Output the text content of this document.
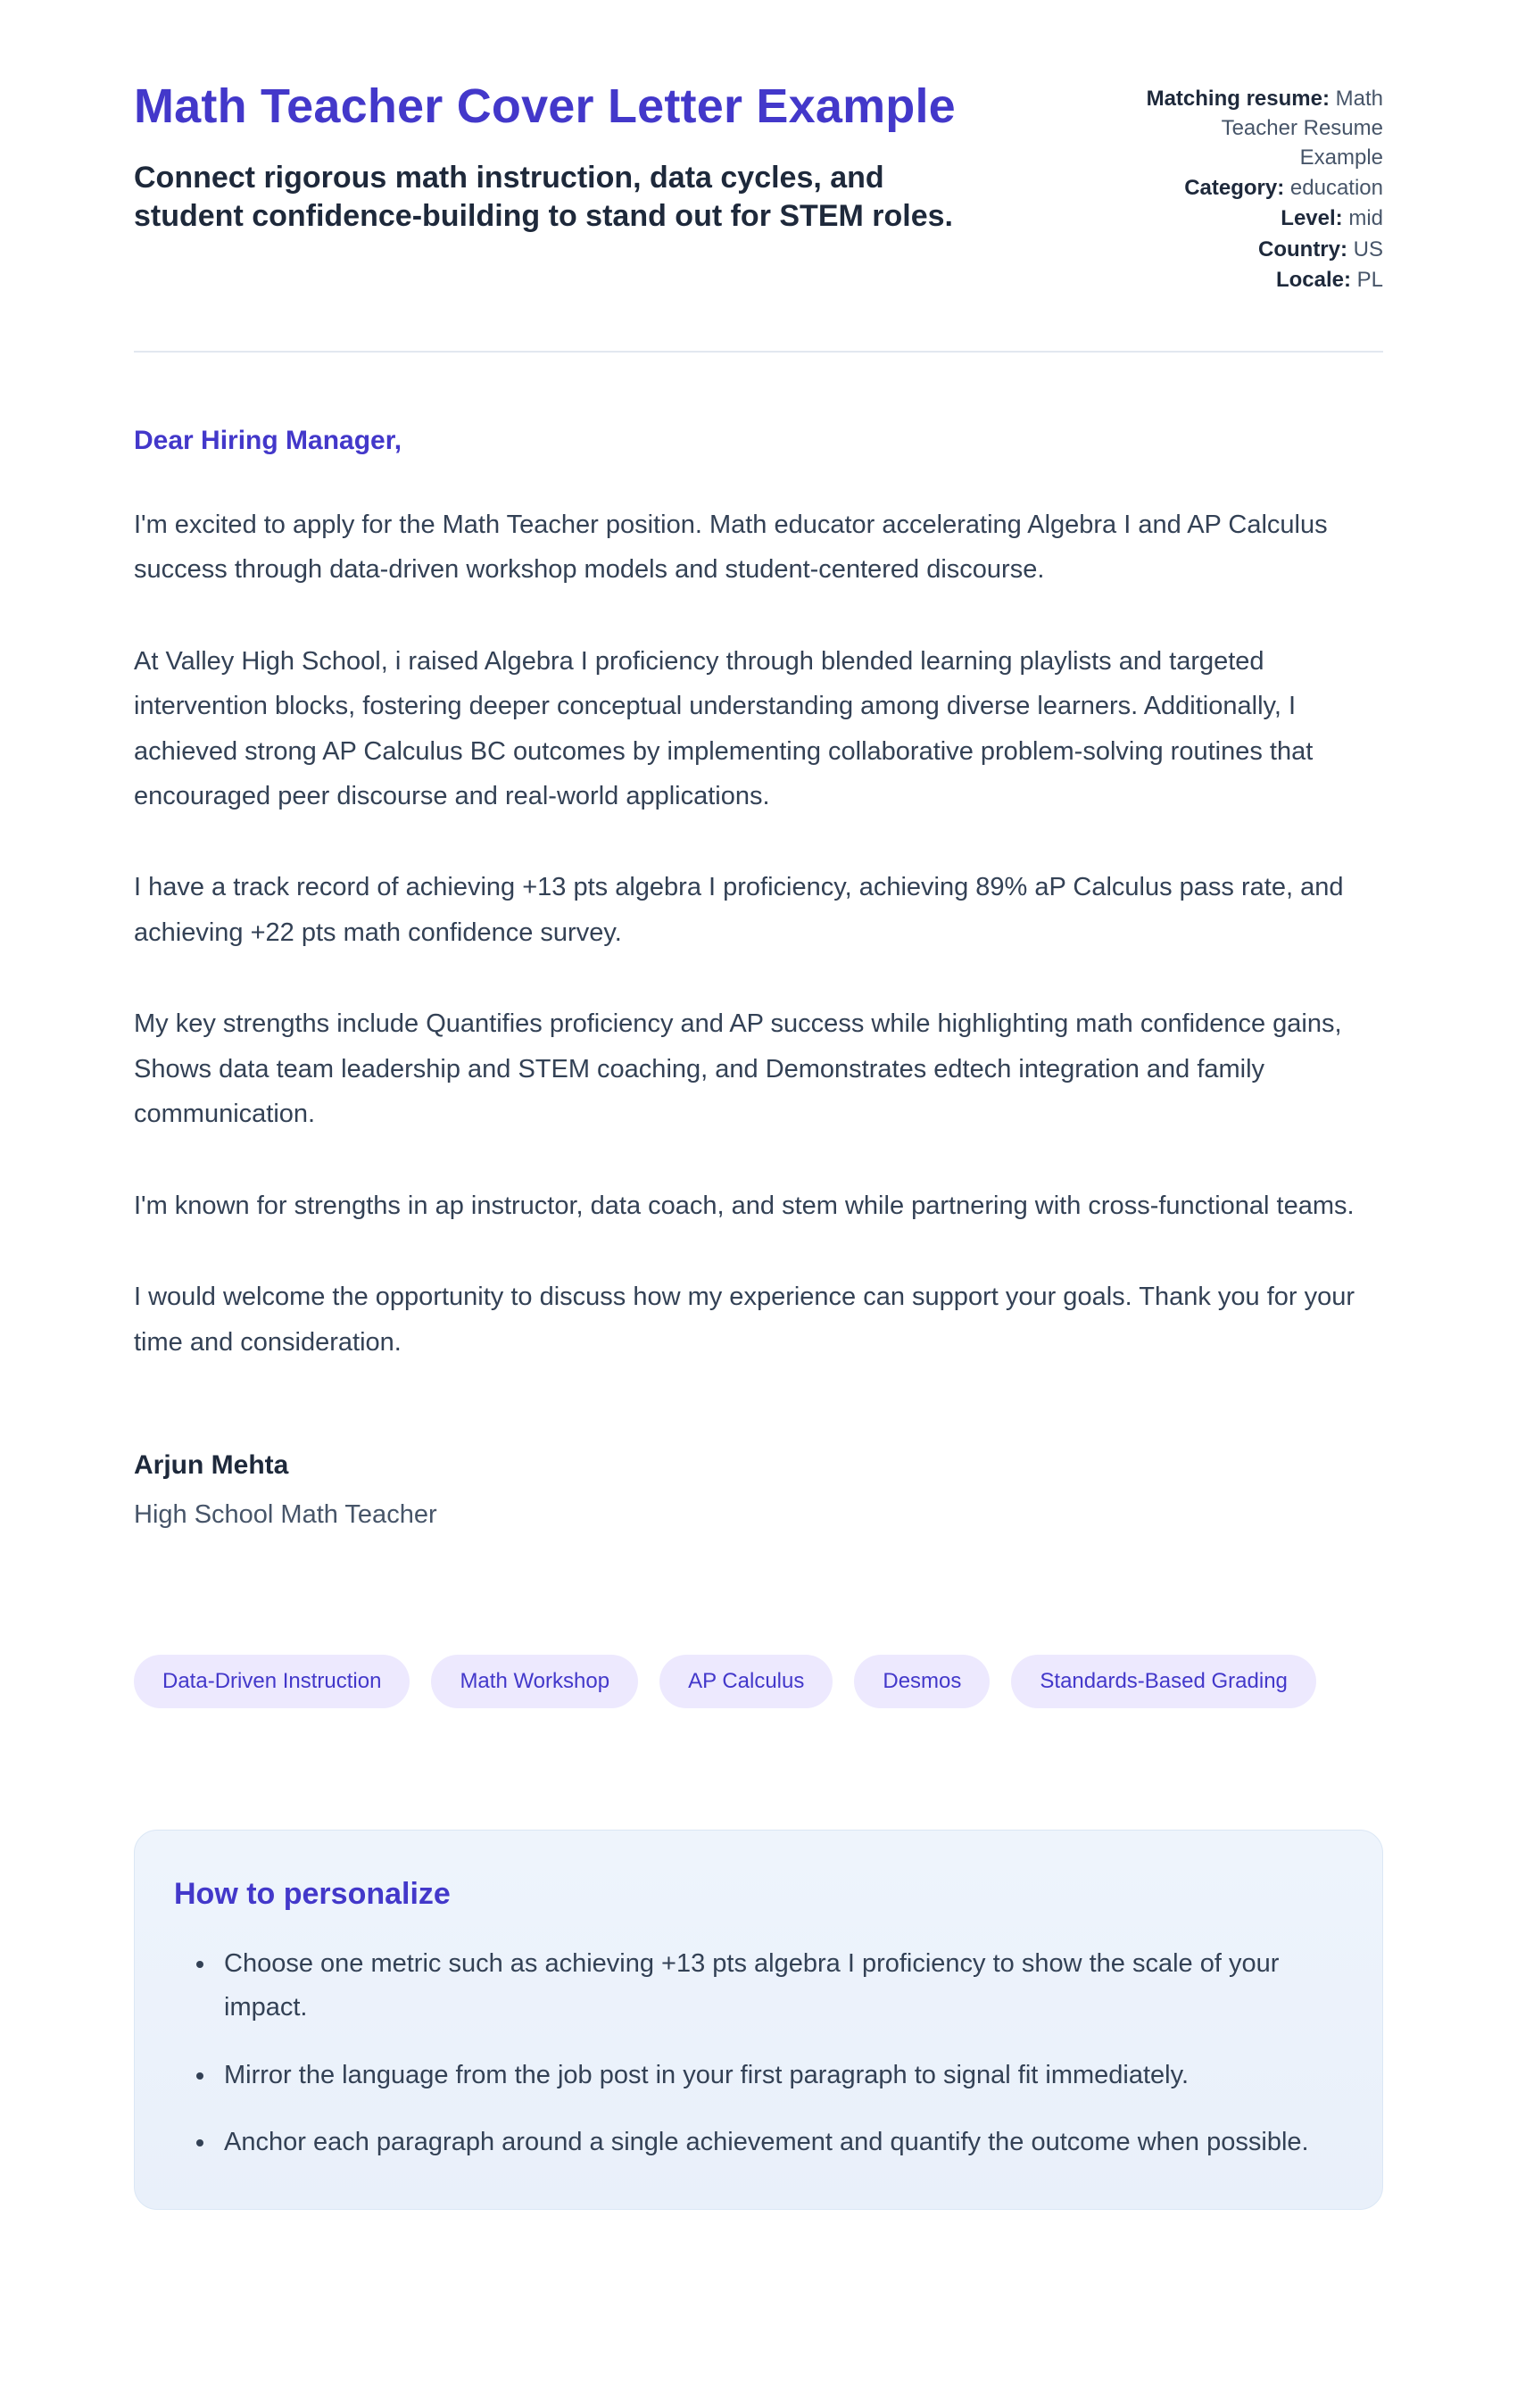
Math Teacher Cover Letter Example

Connect rigorous math instruction, data cycles, and student confidence-building to stand out for STEM roles.

Matching resume: Math Teacher Resume Example
Category: education
Level: mid
Country: US
Locale: PL
Dear Hiring Manager,

I'm excited to apply for the Math Teacher position. Math educator accelerating Algebra I and AP Calculus success through data-driven workshop models and student-centered discourse.

At Valley High School, i raised Algebra I proficiency through blended learning playlists and targeted intervention blocks, fostering deeper conceptual understanding among diverse learners. Additionally, I achieved strong AP Calculus BC outcomes by implementing collaborative problem-solving routines that encouraged peer discourse and real-world applications.

I have a track record of achieving +13 pts algebra I proficiency, achieving 89% aP Calculus pass rate, and achieving +22 pts math confidence survey.

My key strengths include Quantifies proficiency and AP success while highlighting math confidence gains, Shows data team leadership and STEM coaching, and Demonstrates edtech integration and family communication.

I'm known for strengths in ap instructor, data coach, and stem while partnering with cross-functional teams.

I would welcome the opportunity to discuss how my experience can support your goals. Thank you for your time and consideration.

Arjun Mehta
High School Math Teacher
Data-Driven Instruction	Math Workshop	AP Calculus	Desmos	Standards-Based Grading
How to personalize
• Choose one metric such as achieving +13 pts algebra I proficiency to show the scale of your impact.
• Mirror the language from the job post in your first paragraph to signal fit immediately.
• Anchor each paragraph around a single achievement and quantify the outcome when possible.
